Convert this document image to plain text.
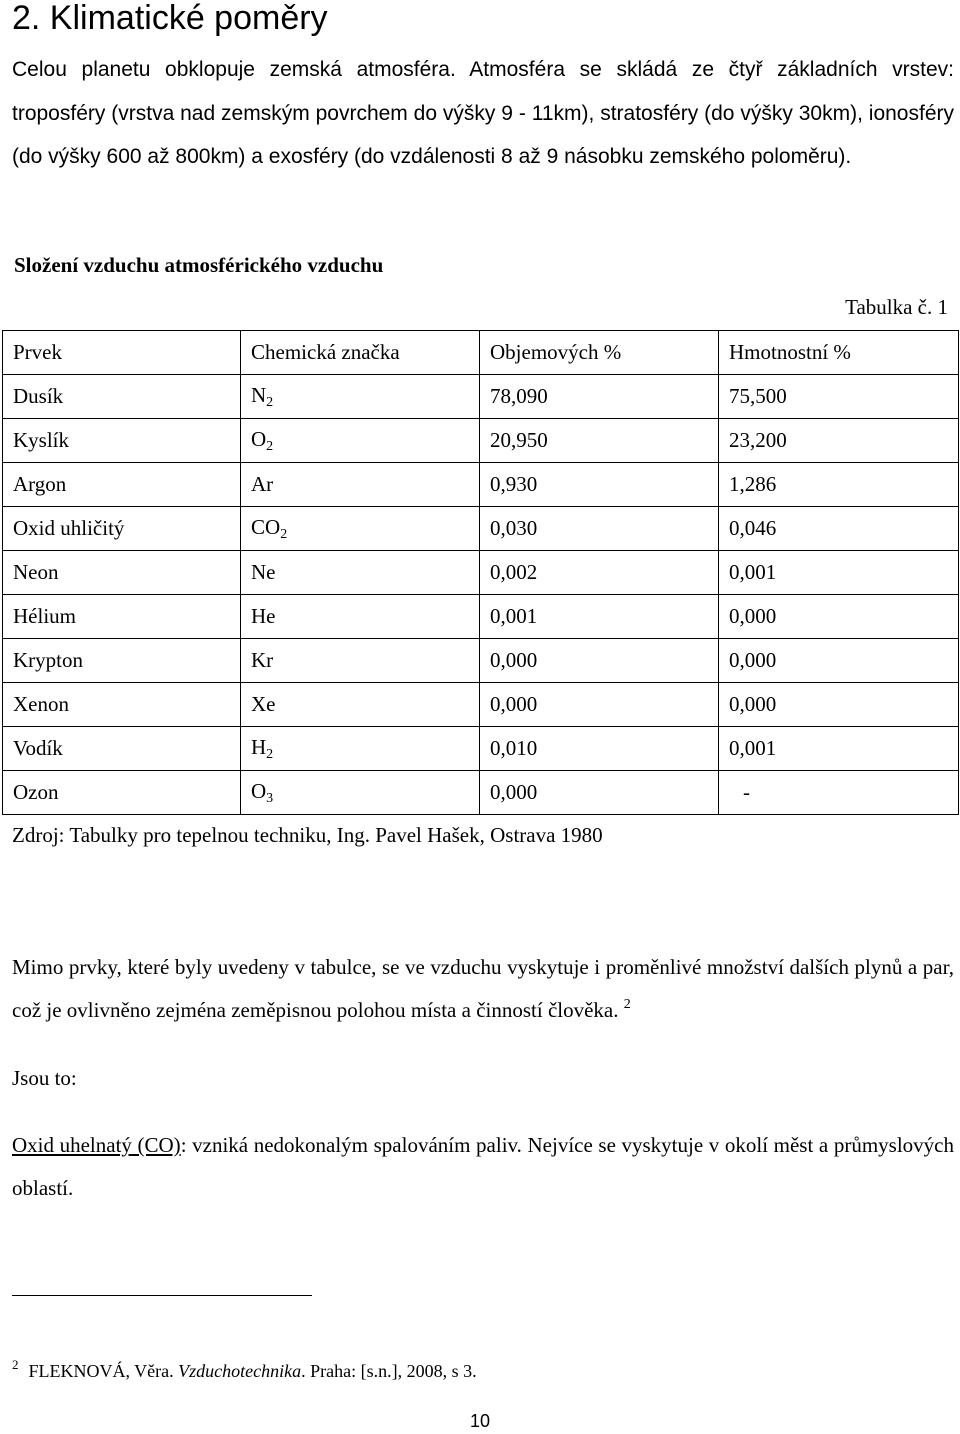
2. Klimatické poměry

Celou planetu obklopuje zemská atmosféra. Atmosféra se skládá ze čtyř základních vrstev: troposféry (vrstva nad zemským povrchem do výšky 9 - 11km), stratosféry (do výšky 30km), ionosféry (do výšky 600 až 800km) a exosféry (do vzdálenosti 8 až 9 násobku zemského poloměru).

Složení vzduchu atmosférického vzduchu
Tabulka č. 1
Prvek	Chemická značka	Objemových %	Hmotnostní %
Dusík	$N_2$	78,090	75,500
Kyslík	$O_2$	20,950	23,200
Argon	Ar	0,930	1,286
Oxid uhličitý	$CO_2$	0,030	0,046
Neon	Ne	0,002	0,001
Hélium	He	0,001	0,000
Krypton	Kr	0,000	0,000
Xenon	Xe	0,000	0,000
Vodík	$H_2$	0,010	0,001
Ozon	$O_3$	0,000	-
Zdroj: Tabulky pro tepelnou techniku, Ing. Pavel Hašek, Ostrava 1980

Mimo prvky, které byly uvedeny v tabulce, se ve vzduchu vyskytuje i proměnlivé množství dalších plynů a par, což je ovlivněno zejména zeměpisnou polohou místa a činností člověka. $^2$

Jsou to:

Oxid uhelnatý (CO): vzniká nedokonalým spalováním paliv. Nejvíce se vyskytuje v okolí měst a průmyslových oblastí.

$^2$ FLEKNOVÁ, Věra. Vzduchotechnika. Praha: [s.n.], 2008, s 3.
10
